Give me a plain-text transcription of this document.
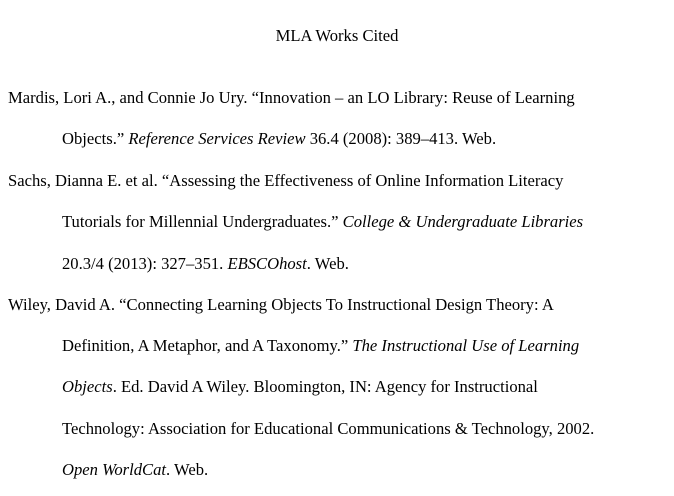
MLA Works Cited
Mardis, Lori A., and Connie Jo Ury. “Innovation – an LO Library: Reuse of Learning
Objects.” Reference Services Review 36.4 (2008): 389–413. Web.
Sachs, Dianna E. et al. “Assessing the Effectiveness of Online Information Literacy
Tutorials for Millennial Undergraduates.” College & Undergraduate Libraries
20.3/4 (2013): 327–351. EBSCOhost. Web.
Wiley, David A. “Connecting Learning Objects To Instructional Design Theory: A
Definition, A Metaphor, and A Taxonomy.” The Instructional Use of Learning
Objects. Ed. David A Wiley. Bloomington, IN: Agency for Instructional
Technology: Association for Educational Communications & Technology, 2002.
Open WorldCat. Web.
